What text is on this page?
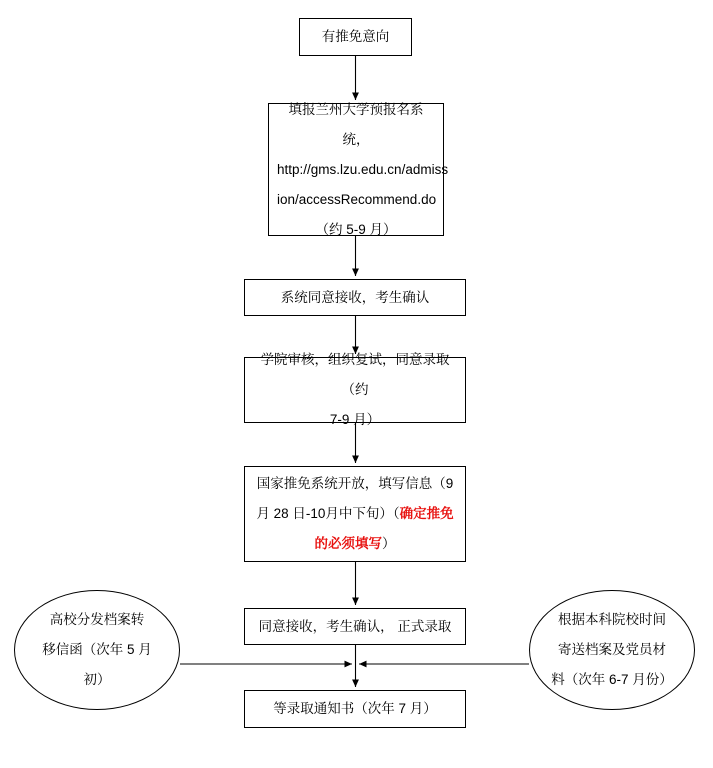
有推免意向
填报兰州大学预报名系统，
http://gms.lzu.edu.cn/admiss
ion/accessRecommend.do
（约 5-9 月）
系统同意接收，考生确认
学院审核，组织复试，同意录取（约
7-9 月）
国家推免系统开放，填写信息（9
月 28 日-10月中下旬）（确定推免
的必须填写）
同意接收，考生确认， 正式录取
等录取通知书（次年 7 月）
高校分发档案转
移信函（次年 5 月
初）
根据本科院校时间
寄送档案及党员材
料（次年 6-7 月份）
